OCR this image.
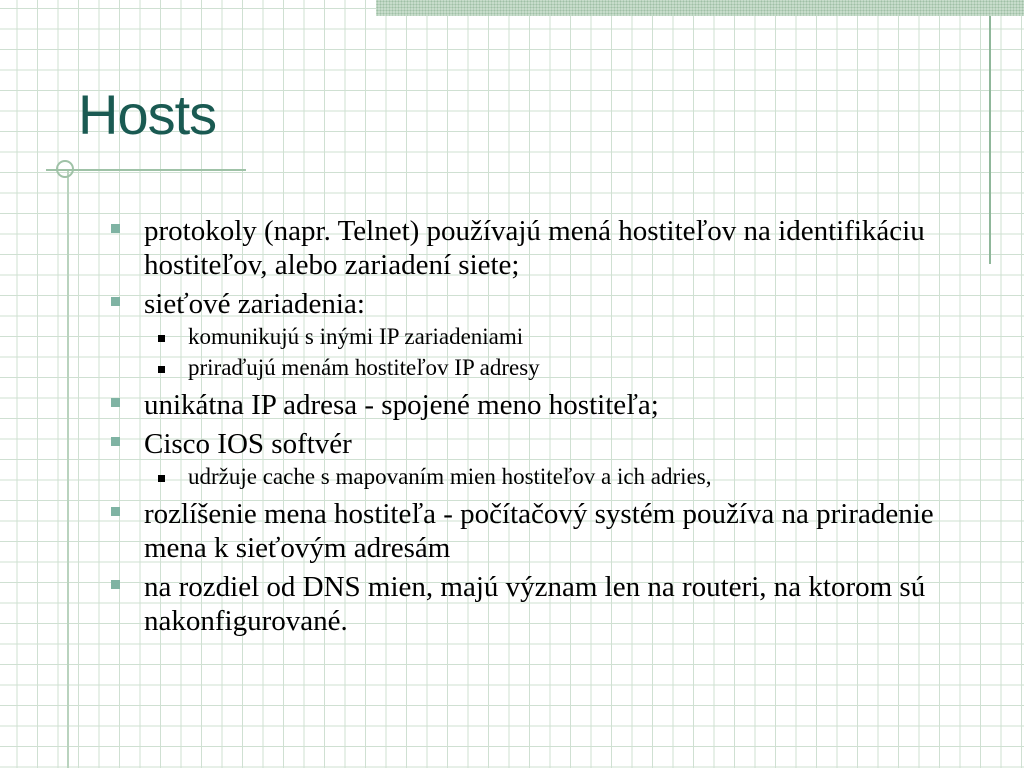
Hosts
protokoly (napr. Telnet) používajú mená hostiteľov na identifikáciu hostiteľov, alebo zariadení siete;
sieťové zariadenia:
komunikujú s inými IP zariadeniami
priraďujú menám hostiteľov IP adresy
unikátna IP adresa - spojené meno hostiteľa;
Cisco IOS softvér
udržuje cache s mapovaním mien hostiteľov a ich adries,
rozlíšenie mena hostiteľa - počítačový systém používa na priradenie mena k sieťovým adresám
na rozdiel od DNS mien, majú význam len na routeri, na ktorom sú nakonfigurované.
